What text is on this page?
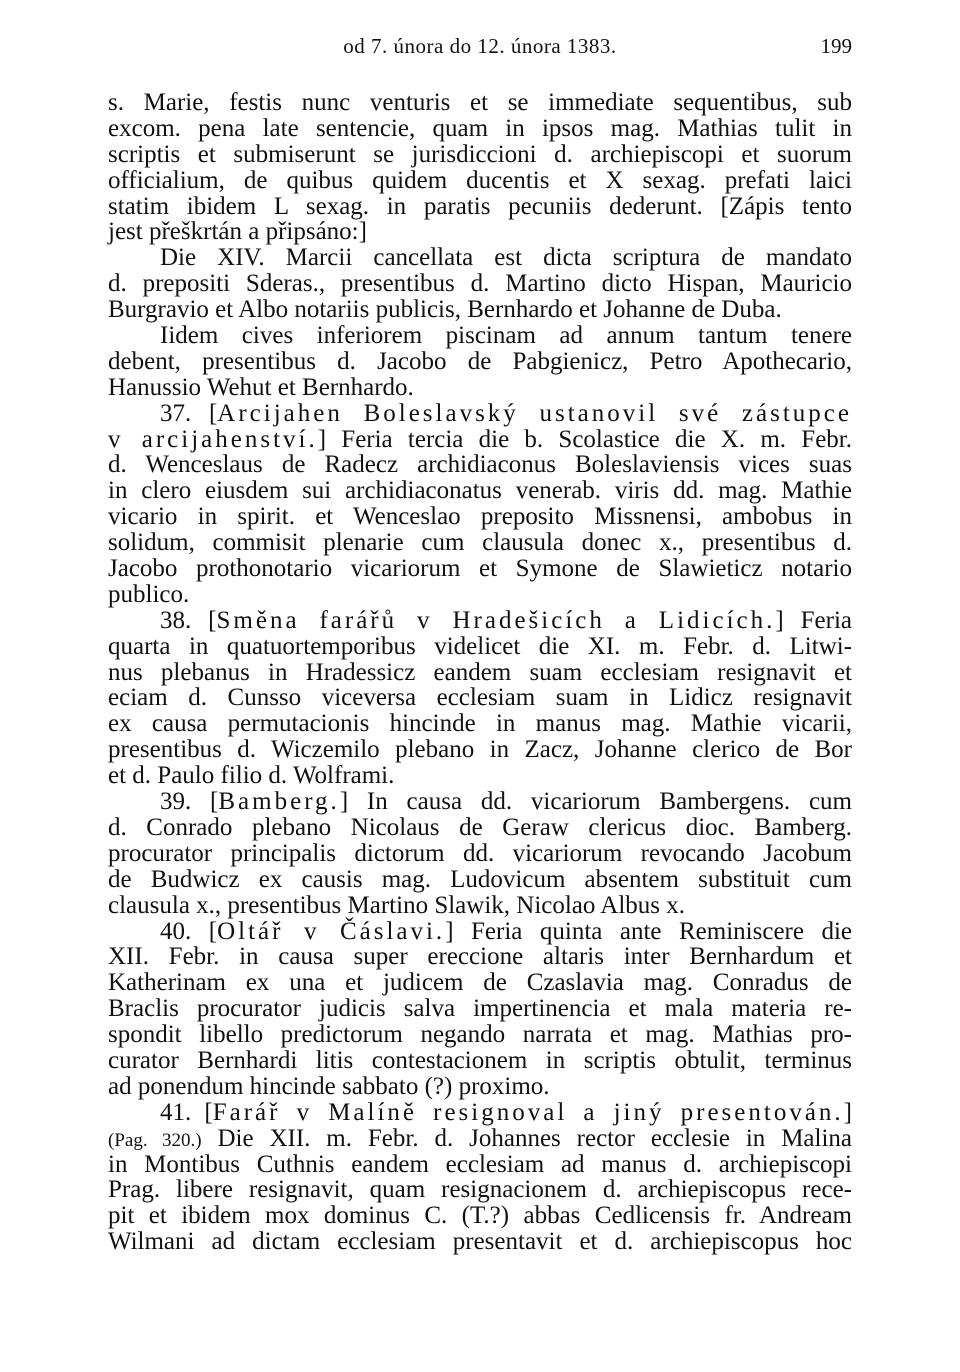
od 7. února do 12. února 1383.	199
s. Marie, festis nunc venturis et se immediate sequentibus, sub
excom. pena late sentencie, quam in ipsos mag. Mathias tulit in
scriptis et submiserunt se jurisdiccioni d. archiepiscopi et suorum
officialium, de quibus quidem ducentis et X sexag. prefati laici
statim ibidem L sexag. in paratis pecuniis dederunt. [Zápis tento
jest přeškrtán a připsáno:]
Die XIV. Marcii cancellata est dicta scriptura de mandato
d. prepositi Sderas., presentibus d. Martino dicto Hispan, Mauricio
Burgravio et Albo notariis publicis, Bernhardo et Johanne de Duba.
Iidem cives inferiorem piscinam ad annum tantum tenere
debent, presentibus d. Jacobo de Pabgienicz, Petro Apothecario,
Hanussio Wehut et Bernhardo.
37. [Arcijahen Boleslavský ustanovil své zástupce
v arcijahenství.] Feria tercia die b. Scolastice die X. m. Febr.
d. Wenceslaus de Radecz archidiaconus Boleslaviensis vices suas
in clero eiusdem sui archidiaconatus venerab. viris dd. mag. Mathie
vicario in spirit. et Wenceslao preposito Missnensi, ambobus in
solidum, commisit plenarie cum clausula donec x., presentibus d.
Jacobo prothonotario vicariorum et Symone de Slawieticz notario
publico.
38. [Směna farářů v Hradešicích a Lidicích.] Feria
quarta in quatuortemporibus videlicet die XI. m. Febr. d. Litwi-
nus plebanus in Hradessicz eandem suam ecclesiam resignavit et
eciam d. Cunsso viceversa ecclesiam suam in Lidicz resignavit
ex causa permutacionis hincinde in manus mag. Mathie vicarii,
presentibus d. Wiczemilo plebano in Zacz, Johanne clerico de Bor
et d. Paulo filio d. Wolframi.
39. [Bamberg.] In causa dd. vicariorum Bambergens. cum
d. Conrado plebano Nicolaus de Geraw clericus dioc. Bamberg.
procurator principalis dictorum dd. vicariorum revocando Jacobum
de Budwicz ex causis mag. Ludovicum absentem substituit cum
clausula x., presentibus Martino Slawik, Nicolao Albus x.
40. [Oltář v Čáslavi.] Feria quinta ante Reminiscere die
XII. Febr. in causa super ereccione altaris inter Bernhardum et
Katherinam ex una et judicem de Czaslavia mag. Conradus de
Braclis procurator judicis salva impertinencia et mala materia re-
spondit libello predictorum negando narrata et mag. Mathias pro-
curator Bernhardi litis contestacionem in scriptis obtulit, terminus
ad ponendum hincinde sabbato (?) proximo.
41. [Farář v Malíně resignoval a jiný presentován.]
(Pag. 320.) Die XII. m. Febr. d. Johannes rector ecclesie in Malina
in Montibus Cuthnis eandem ecclesiam ad manus d. archiepiscopi
Prag. libere resignavit, quam resignacionem d. archiepiscopus rece-
pit et ibidem mox dominus C. (T.?) abbas Cedlicensis fr. Andream
Wilmani ad dictam ecclesiam presentavit et d. archiepiscopus hoc
